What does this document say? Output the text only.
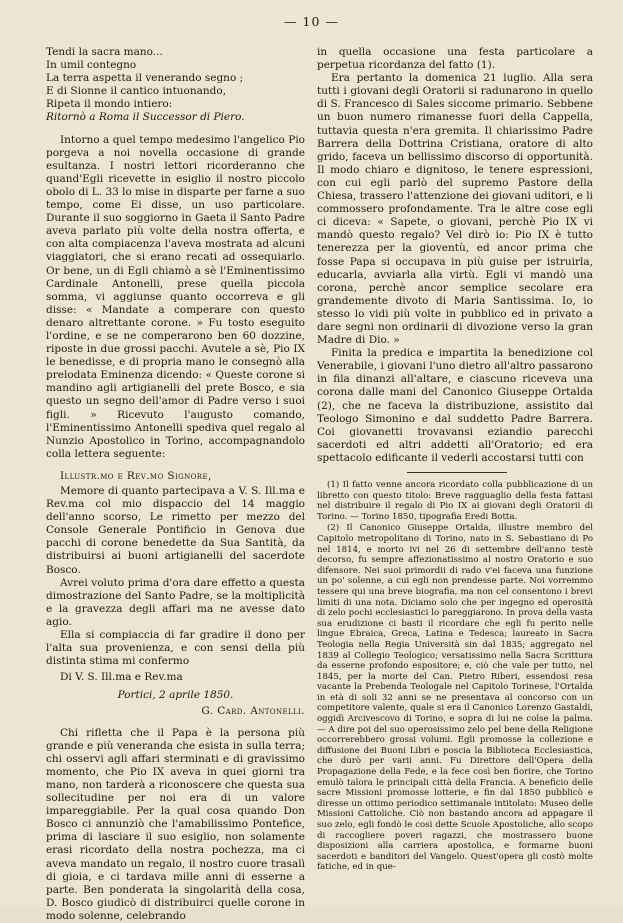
— 10 —
Tendi la sacra mano...
In umil contegno
La terra aspetta il venerando segno ;
E di Sionne il cantico intuonando,
Ripeta il mondo intiero:
Ritornò a Roma il Successor di Piero.

Intorno a quel tempo medesimo l'angelico Pio porgeva a noi novella occasione di grande esultanza. I nostri lettori ricorderanno che quand'Egli ricevette in esiglio il nostro piccolo obolo di L. 33 lo mise in disparte per farne a suo tempo, come Ei disse, un uso particolare. Durante il suo soggiorno in Gaeta il Santo Padre aveva parlato più volte della nostra offerta, e con alta compiacenza l'aveva mostrata ad alcuni viaggiatori, che si erano recati ad ossequiarlo. Or bene, un di Egli chiamò a sè l'Eminentissimo Cardinale Antonelli, prese quella piccola somma, vi aggiunse quanto occorreva e gli disse: « Mandate a comperare con questo denaro altrettante corone. » Fu tosto eseguito l'ordine, e se ne comperarono ben 60 dozzine, riposte in due grossi pacchi. Avutele a sè, Pio IX le benedisse, e di propria mano le consegnò alla prelodata Eminenza dicendo: « Queste corone si mandino agli artigianelli del prete Bosco, e sia questo un segno dell'amor di Padre verso i suoi figli. » Ricevuto l'augusto comando, l'Eminentissimo Antonelli spediva quel regalo al Nunzio Apostolico in Torino, accompagnandolo colla lettera seguente:

Illustr.mo e Rev.mo Signore,

Memore di quanto partecipava a V. S. Ill.ma e Rev.ma col mio dispaccio del 14 maggio dell'anno scorso, Le rimetto per mezzo del Console Generale Pontificio in Genova due pacchi di corone benedette da Sua Santità, da distribuirsi ai buoni artigianelli del sacerdote Bosco.

Avrei voluto prima d'ora dare effetto a questa dimostrazione del Santo Padre, se la moltiplicità e la gravezza degli affari ma ne avesse dato agio.

Ella si compiaccia di far gradire il dono per l'alta sua provenienza, e con sensi della più distinta stima mi confermo

Di V. S. Ill.ma e Rev.ma
Portici, 2 aprile 1850.
G. Card. Antonelli.

Chi rifletta che il Papa è la persona più grande e più veneranda che esista in sulla terra; chi osservi agli affari sterminati e di gravissimo momento, che Pio IX aveva in quei giorni tra mano, non tarderà a riconoscere che questa sua sollecitudine per noi era di un valore impareggiabile. Per la qual cosa quando Don Bosco ci annunziò che l'amabilissimo Pontefice, prima di lasciare il suo esiglio, non solamente erasi ricordato della nostra pochezza, ma ci aveva mandato un regalo, il nostro cuore trasalì di gioia, e ci tardava mille anni di esserne a parte. Ben ponderata la singolarità della cosa, D. Bosco giudicò di distribuirci quelle corone in modo solenne, celebrando

in quella occasione una festa particolare a perpetua ricordanza del fatto (1).

Era pertanto la domenica 21 luglio. Alla sera tutti i giovani degli Oratorii si radunarono in quello di S. Francesco di Sales siccome primario. Sebbene un buon numero rimanesse fuori della Cappella, tuttavia questa n'era gremita. Il chiarissimo Padre Barrera della Dottrina Cristiana, oratore di alto grido, faceva un bellissimo discorso di opportunità. Il modo chiaro e dignitoso, le tenere espressioni, con cui egli parlò del supremo Pastore della Chiesa, trassero l'attenzione dei giovani uditori, e li commossero profondamente. Tra le altre cose egli ci diceva: « Sapete, o giovani, perchè Pio IX vi mandò questo regalo? Vel dirò io: Pio IX è tutto tenerezza per la gioventù, ed ancor prima che fosse Papa si occupava in più guise per istruirla, educarla, avviarla alla virtù. Egli vi mandò una corona, perchè ancor semplice secolare era grandemente divoto di Maria Santissima. Io, io stesso lo vidi più volte in pubblico ed in privato a dare segni non ordinarii di divozione verso la gran Madre di Dio. »

Finita la predica e impartita la benedizione col Venerabile, i giovani l'uno dietro all'altro passarono in fila dinanzi all'altare, e ciascuno riceveva una corona dalle mani del Canonico Giuseppe Ortalda (2), che ne faceva la distribuzione, assistito dal Teologo Simonino e dal suddetto Padre Barrera. Coi giovanetti trovavansi eziandio parecchi sacerdoti ed altri addetti all'Oratorio; ed era spettacolo edificante il vederli accostarsi tutti con

(1) Il fatto venne ancora ricordato colla pubblicazione di un libretto con questo titolo: Breve ragguaglio della festa fattasi nel distribuire il regalo di Pio IX ai giovani degli Oratorii di Torino. — Torino 1850, tipografia Eredi Botta.

(2) Il Canonico Giuseppe Ortalda, illustre membro del Capitolo metropolitano di Torino, nato in S. Sebastiano di Po nel 1814, e morto ivi nel 26 di settembre dell'anno testè decorso, fu sempre affezionatissimo al nostro Oratorio e suo difensore. Nei suoi primordii di rado v'ei faceva una funzione un po' solenne, a cui egli non prendesse parte. Noi vorremmo tessere qui una breve biografia, ma non cel consentono i brevi limiti di una nota. Diciamo solo che per ingegno ed operosità di zelo pochi ecclesiastici lo pareggiarono. In prova della vasta sua erudizione ci basti il ricordare che egli fu perito nelle lingue Ebraica, Greca, Latina e Tedesca; laureato in Sacra Teologia nella Regia Università sin dal 1835; aggregato nel 1839 al Collegio Teologico; versatissimo nella Sacra Scrittura da esserne profondo espositore; e, ciò che vale per tutto, nel 1845, per la morte del Can. Pietro Riberi, essendosi resa vacante la Prebenda Teologale nel Capitolo Torinese, l'Ortalda in età di soli 32 anni se ne presentava al concorso con un competitore valente, quale si era il Canonico Lorenzo Gastaldi, oggidì Arcivescovo di Torino, e sopra di lui ne colse la palma. — A dire poi del suo operosissimo zelo pel bene della Religione occorrerebbero grossi volumi. Egli promosse la collezione e diffusione dei Buoni Libri e poscia la Biblioteca Ecclesiastica, che durò per varii anni. Fu Direttore dell'Opera della Propagazione della Fede, e la fece così ben fiorire, che Torino emulò talora le principali città della Francia. A beneficio delle sacre Missioni promosse lotterie, e fin dal 1850 pubblicò e diresse un ottimo periodico settimanale intitolato: Museo delle Missioni Cattoliche. Ciò non bastando ancora ad appagare il suo zelo, egli fondò le così dette Scuole Apostoliche, allo scopo di raccogliere poveri ragazzi, che mostrassero buone disposizioni alla carriera apostolica, e formarne buoni sacerdoti e banditori del Vangelo. Quest'opera gli costò molte fatiche, ed in que-
